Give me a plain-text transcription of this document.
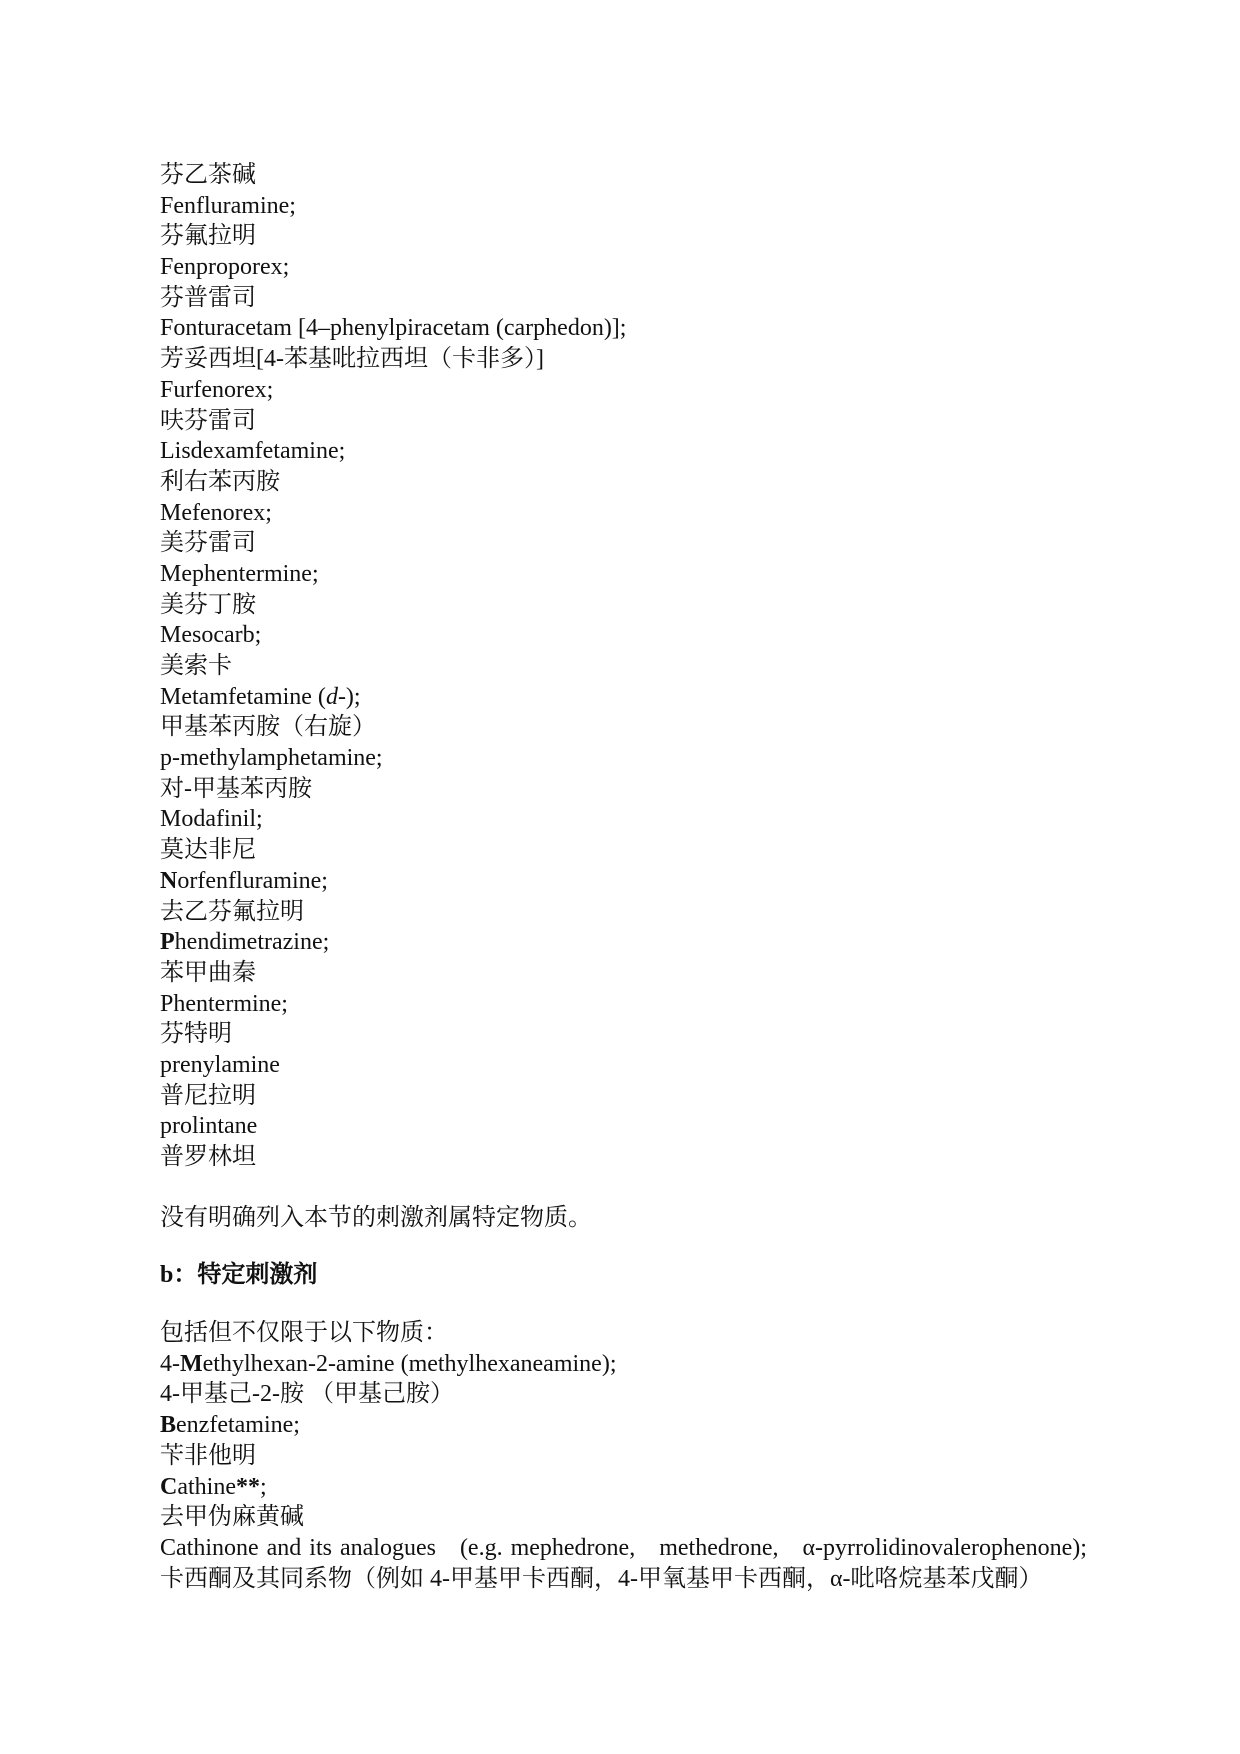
芬乙茶碱
Fenfluramine;
芬氟拉明
Fenproporex;
芬普雷司
Fonturacetam [4–phenylpiracetam (carphedon)];
芳妥西坦[4-苯基吡拉西坦（卡非多）]
Furfenorex;
呋芬雷司
Lisdexamfetamine;
利右苯丙胺
Mefenorex;
美芬雷司
Mephentermine;
美芬丁胺
Mesocarb;
美索卡
Metamfetamine (d-);
甲基苯丙胺（右旋）
p-methylamphetamine;
对-甲基苯丙胺
Modafinil;
莫达非尼
Norfenfluramine;
去乙芬氟拉明
Phendimetrazine;
苯甲曲秦
Phentermine;
芬特明
prenylamine
普尼拉明
prolintane
普罗林坦
没有明确列入本节的刺激剂属特定物质。
b：特定刺激剂
包括但不仅限于以下物质：
4-Methylhexan-2-amine (methylhexaneamine);
4-甲基己-2-胺 （甲基己胺）
Benzfetamine;
苄非他明
Cathine**;
去甲伪麻黄碱
Cathinone and its analogues　(e.g. mephedrone,　methedrone,　α-pyrrolidinovalerophenone);
卡西酮及其同系物（例如 4-甲基甲卡西酮，4-甲氧基甲卡西酮，α-吡咯烷基苯戊酮）
